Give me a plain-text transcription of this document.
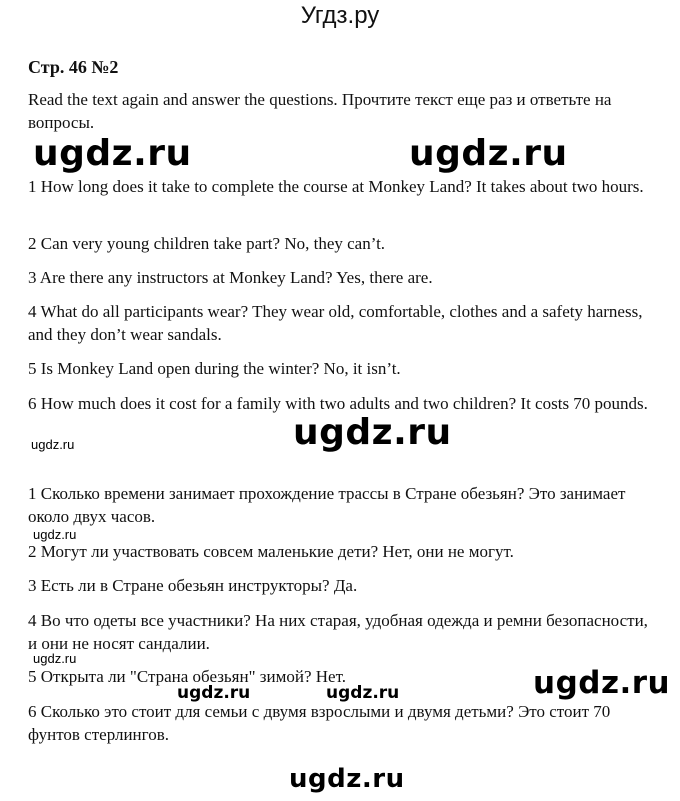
Угдз.ру
Стр. 46 №2
Read the text again and answer the questions. Прочтите текст еще раз и ответьте на вопросы.
ugdz.ru	ugdz.ru
1 How long does it take to complete the course at Monkey Land? It takes about two hours.
2 Can very young children take part? No, they can’t.
3 Are there any instructors at Monkey Land? Yes, there are.
4 What do all participants wear? They wear old, comfortable, clothes and a safety harness, and they don’t wear sandals.
5 Is Monkey Land open during the winter? No, it isn’t.
6 How much does it cost for a family with two adults and two children? It costs 70 pounds.
ugdz.ru
ugdz.ru
1 Сколько времени занимает прохождение трассы в Стране обезьян? Это занимает около двух часов.
ugdz.ru
2 Могут ли участвовать совсем маленькие дети? Нет, они не могут.
3 Есть ли в Стране обезьян инструкторы? Да.
4 Во что одеты все участники? На них старая, удобная одежда и ремни безопасности, и они не носят сандалии.
ugdz.ru
5 Открыта ли "Страна обезьян" зимой? Нет.
ugdz.ru	ugdz.ru	ugdz.ru
6 Сколько это стоит для семьи с двумя взрослыми и двумя детьми? Это стоит 70 фунтов стерлингов.
ugdz.ru
